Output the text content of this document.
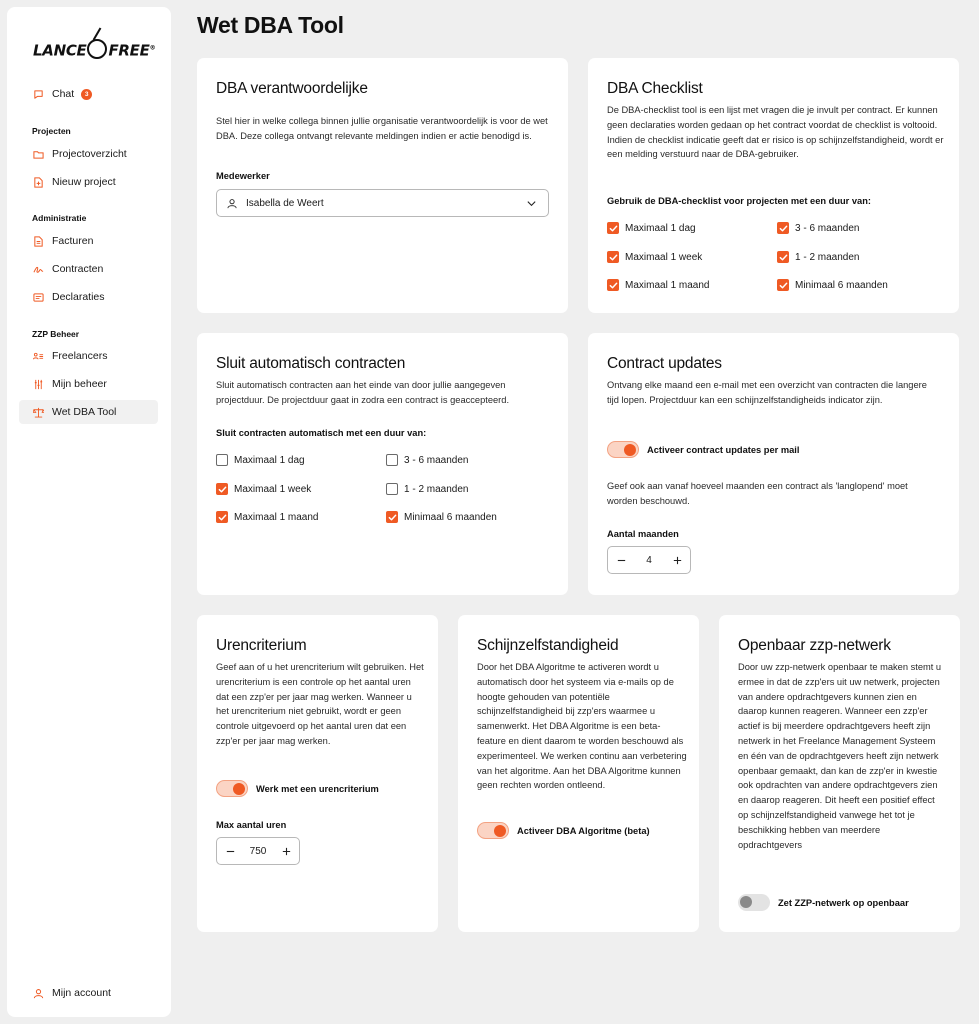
LANCE FREE®
Chat	3
Projecten
Projectoverzicht
Nieuw project
Administratie
Facturen
Contracten
Declaraties
ZZP Beheer
Freelancers
Mijn beheer
Wet DBA Tool
Mijn account
Wet DBA Tool
DBA verantwoordelijke
Stel hier in welke collega binnen jullie organisatie verantwoordelijk is voor de wet DBA. Deze collega ontvangt relevante meldingen indien er actie benodigd is.
Medewerker
Isabella de Weert
DBA Checklist
De DBA-checklist tool is een lijst met vragen die je invult per contract. Er kunnen geen declaraties worden gedaan op het contract voordat de checklist is voltooid. Indien de checklist indicatie geeft dat er risico is op schijnzelfstandigheid, wordt er een melding verstuurd naar de DBA-gebruiker.
Gebruik de DBA-checklist voor projecten met een duur van:
Maximaal 1 dag
Maximaal 1 week
Maximaal 1 maand
3 - 6 maanden
1 - 2 maanden
Minimaal 6 maanden
Sluit automatisch contracten
Sluit automatisch contracten aan het einde van door jullie aangegeven projectduur. De projectduur gaat in zodra een contract is geaccepteerd.
Sluit contracten automatisch met een duur van:
Maximaal 1 dag
Maximaal 1 week
Maximaal 1 maand
3 - 6 maanden
1 - 2 maanden
Minimaal 6 maanden
Contract updates
Ontvang elke maand een e-mail met een overzicht van contracten die langere tijd lopen. Projectduur kan een schijnzelfstandigheids indicator zijn.
Activeer contract updates per mail
Geef ook aan vanaf hoeveel maanden een contract als 'langlopend' moet worden beschouwd.
Aantal maanden
4
Urencriterium
Geef aan of u het urencriterium wilt gebruiken. Het urencriterium is een controle op het aantal uren dat een zzp'er per jaar mag werken. Wanneer u het urencriterium niet gebruikt, wordt er geen controle uitgevoerd op het aantal uren dat een zzp'er per jaar mag werken.
Werk met een urencriterium
Max aantal uren
750
Schijnzelfstandigheid
Door het DBA Algoritme te activeren wordt u automatisch door het systeem via e-mails op de hoogte gehouden van potentiële schijnzelfstandigheid bij zzp'ers waarmee u samenwerkt. Het DBA Algoritme is een beta-feature en dient daarom te worden beschouwd als experimenteel. We werken continu aan verbetering van het algoritme. Aan het DBA Algoritme kunnen geen rechten worden ontleend.
Activeer DBA Algoritme (beta)
Openbaar zzp-netwerk
Door uw zzp-netwerk openbaar te maken stemt u ermee in dat de zzp'ers uit uw netwerk, projecten van andere opdrachtgevers kunnen zien en daarop kunnen reageren. Wanneer een zzp'er actief is bij meerdere opdrachtgevers heeft zijn netwerk in het Freelance Management Systeem en één van de opdrachtgevers heeft zijn netwerk openbaar gemaakt, dan kan de zzp'er in kwestie ook opdrachten van andere opdrachtgevers zien en daarop reageren. Dit heeft een positief effect op schijnzelfstandigheid vanwege het tot je beschikking hebben van meerdere opdrachtgevers
Zet ZZP-netwerk op openbaar
